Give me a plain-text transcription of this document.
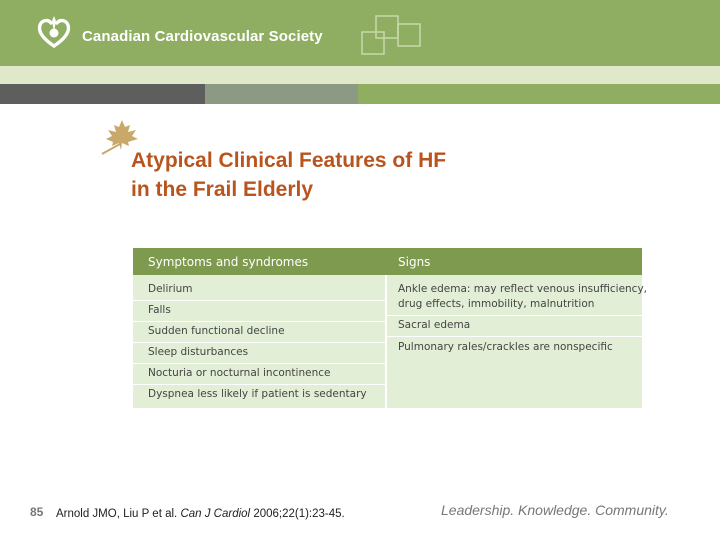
Canadian Cardiovascular Society
Atypical Clinical Features of HF
in the Frail Elderly
Symptoms and syndromes	Signs
Delirium
Falls
Sudden functional decline
Sleep disturbances
Nocturia or nocturnal incontinence
Dyspnea less likely if patient is sedentary
Ankle edema: may reflect venous insufficiency,
drug effects, immobility, malnutrition
Sacral edema
Pulmonary rales/crackles are nonspecific
85 Arnold JMO, Liu P et al. Can J Cardiol 2006;22(1):23-45.	Leadership. Knowledge. Community.
